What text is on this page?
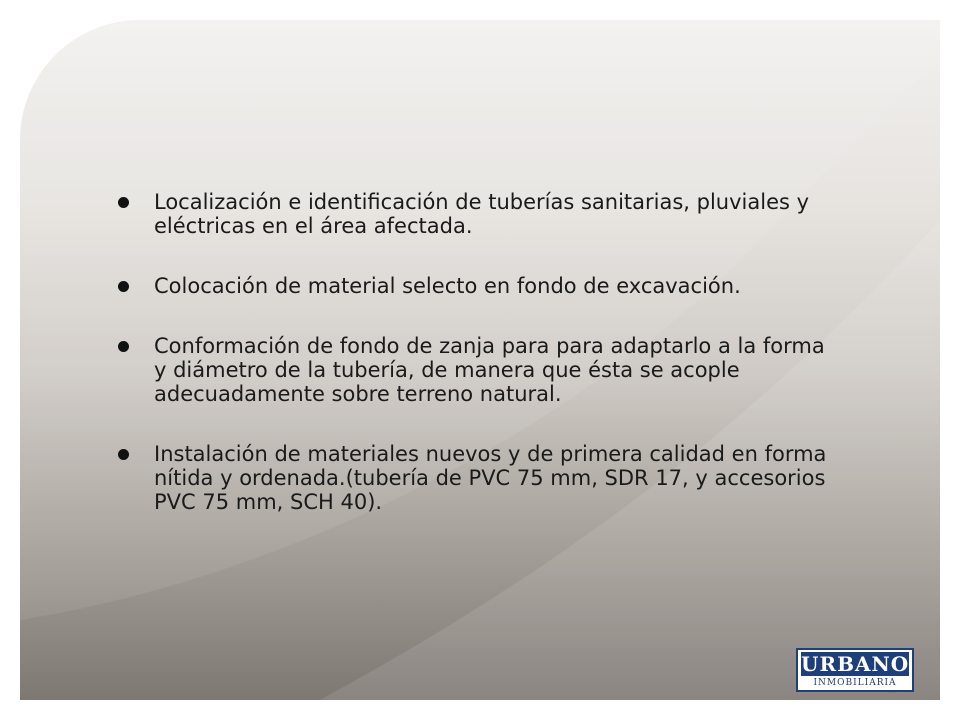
Localización e identificación de tuberías sanitarias, pluviales y eléctricas en el área afectada.
Colocación de material selecto en fondo de excavación.
Conformación de fondo de zanja para para adaptarlo a la forma y diámetro de la tubería, de manera que ésta se acople adecuadamente sobre terreno natural.
Instalación de materiales nuevos y de primera calidad en forma nítida y ordenada.(tubería de PVC 75 mm, SDR 17, y accesorios PVC 75 mm, SCH 40).
URBANO
INMOBILIARIA
